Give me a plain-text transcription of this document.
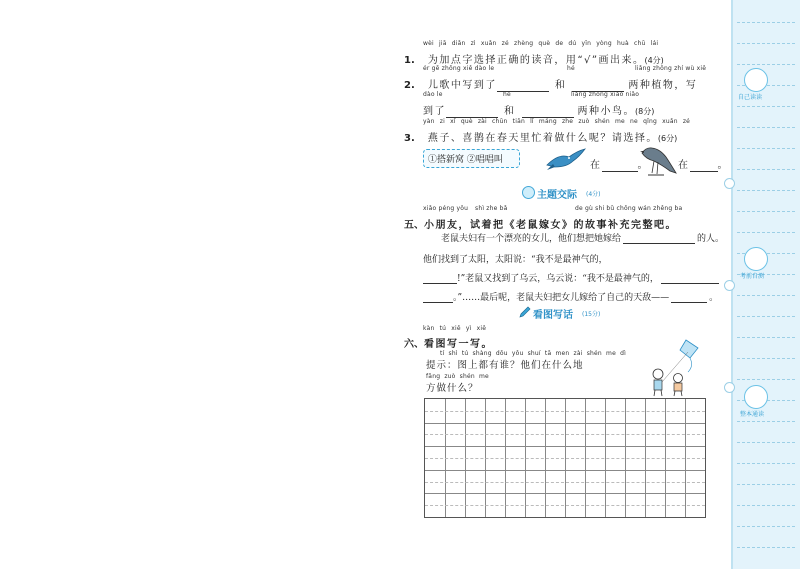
wèi jiā diǎn zì xuǎn zé zhèng què de dú yīn yòng huà chū lái
1. 为加点字选择正确的读音，用“√”画出来。(4分)
ér gē zhōng xiě dào le	hé	liǎng zhǒng zhí wù xiě
2. 儿歌中写到了	和	两种植物，写
dào le	hé	liǎng zhǒng xiǎo niǎo
到了	和	两种小鸟。(8分)
yàn zi xǐ què zài chūn tiān lǐ máng zhe zuò shén me ne qǐng xuǎn zé
3. 燕子、喜鹊在春天里忙着做什么呢？请选择。(6分)
①搭新窝 ②唱唱叫	在	。	在	。
主题交际 (4分)
xiǎo péng yǒu shì zhe bǎ	de gù shi bǔ chōng wán zhěng ba
五、小朋友，试着把《老鼠嫁女》的故事补充完整吧。
老鼠夫妇有一个漂亮的女儿，他们想把她嫁给	的人。
他们找到了太阳，太阳说：“我不是最神气的，
!”老鼠又找到了乌云，乌云说：“我不是最神气的，
。”……最后呢，老鼠夫妇把女儿嫁给了自己的天敌——	。
看图写话 (15分)
kàn tú xiě yì xiě
六、看图写一写。
tí shì tú shàng dōu yǒu shuí tā men zài shén me dì
提示：图上都有谁？他们在什么地
fāng zuò shén me
方做什么？
自己读读
考前自测
整本通读
